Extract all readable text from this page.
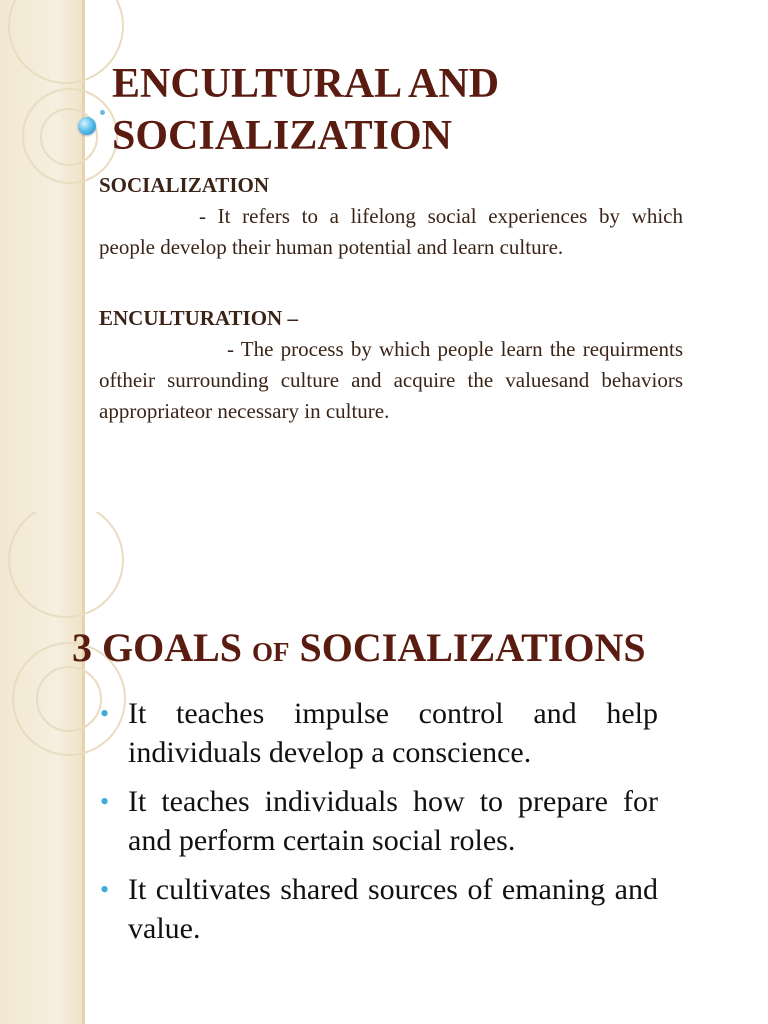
ENCULTURAL AND
SOCIALIZATION
SOCIALIZATION

- It refers to a lifelong social experiences by which people develop their human potential and learn culture.

ENCULTURATION –

- The process by which people learn the requirments oftheir surrounding culture and acquire the valuesand behaviors appropriateor necessary in culture.

3 GOALS OF SOCIALIZATIONS
• It teaches impulse control and help individuals develop a conscience.
• It teaches individuals how to prepare for and perform certain social roles.
• It cultivates shared sources of emaning and value.
